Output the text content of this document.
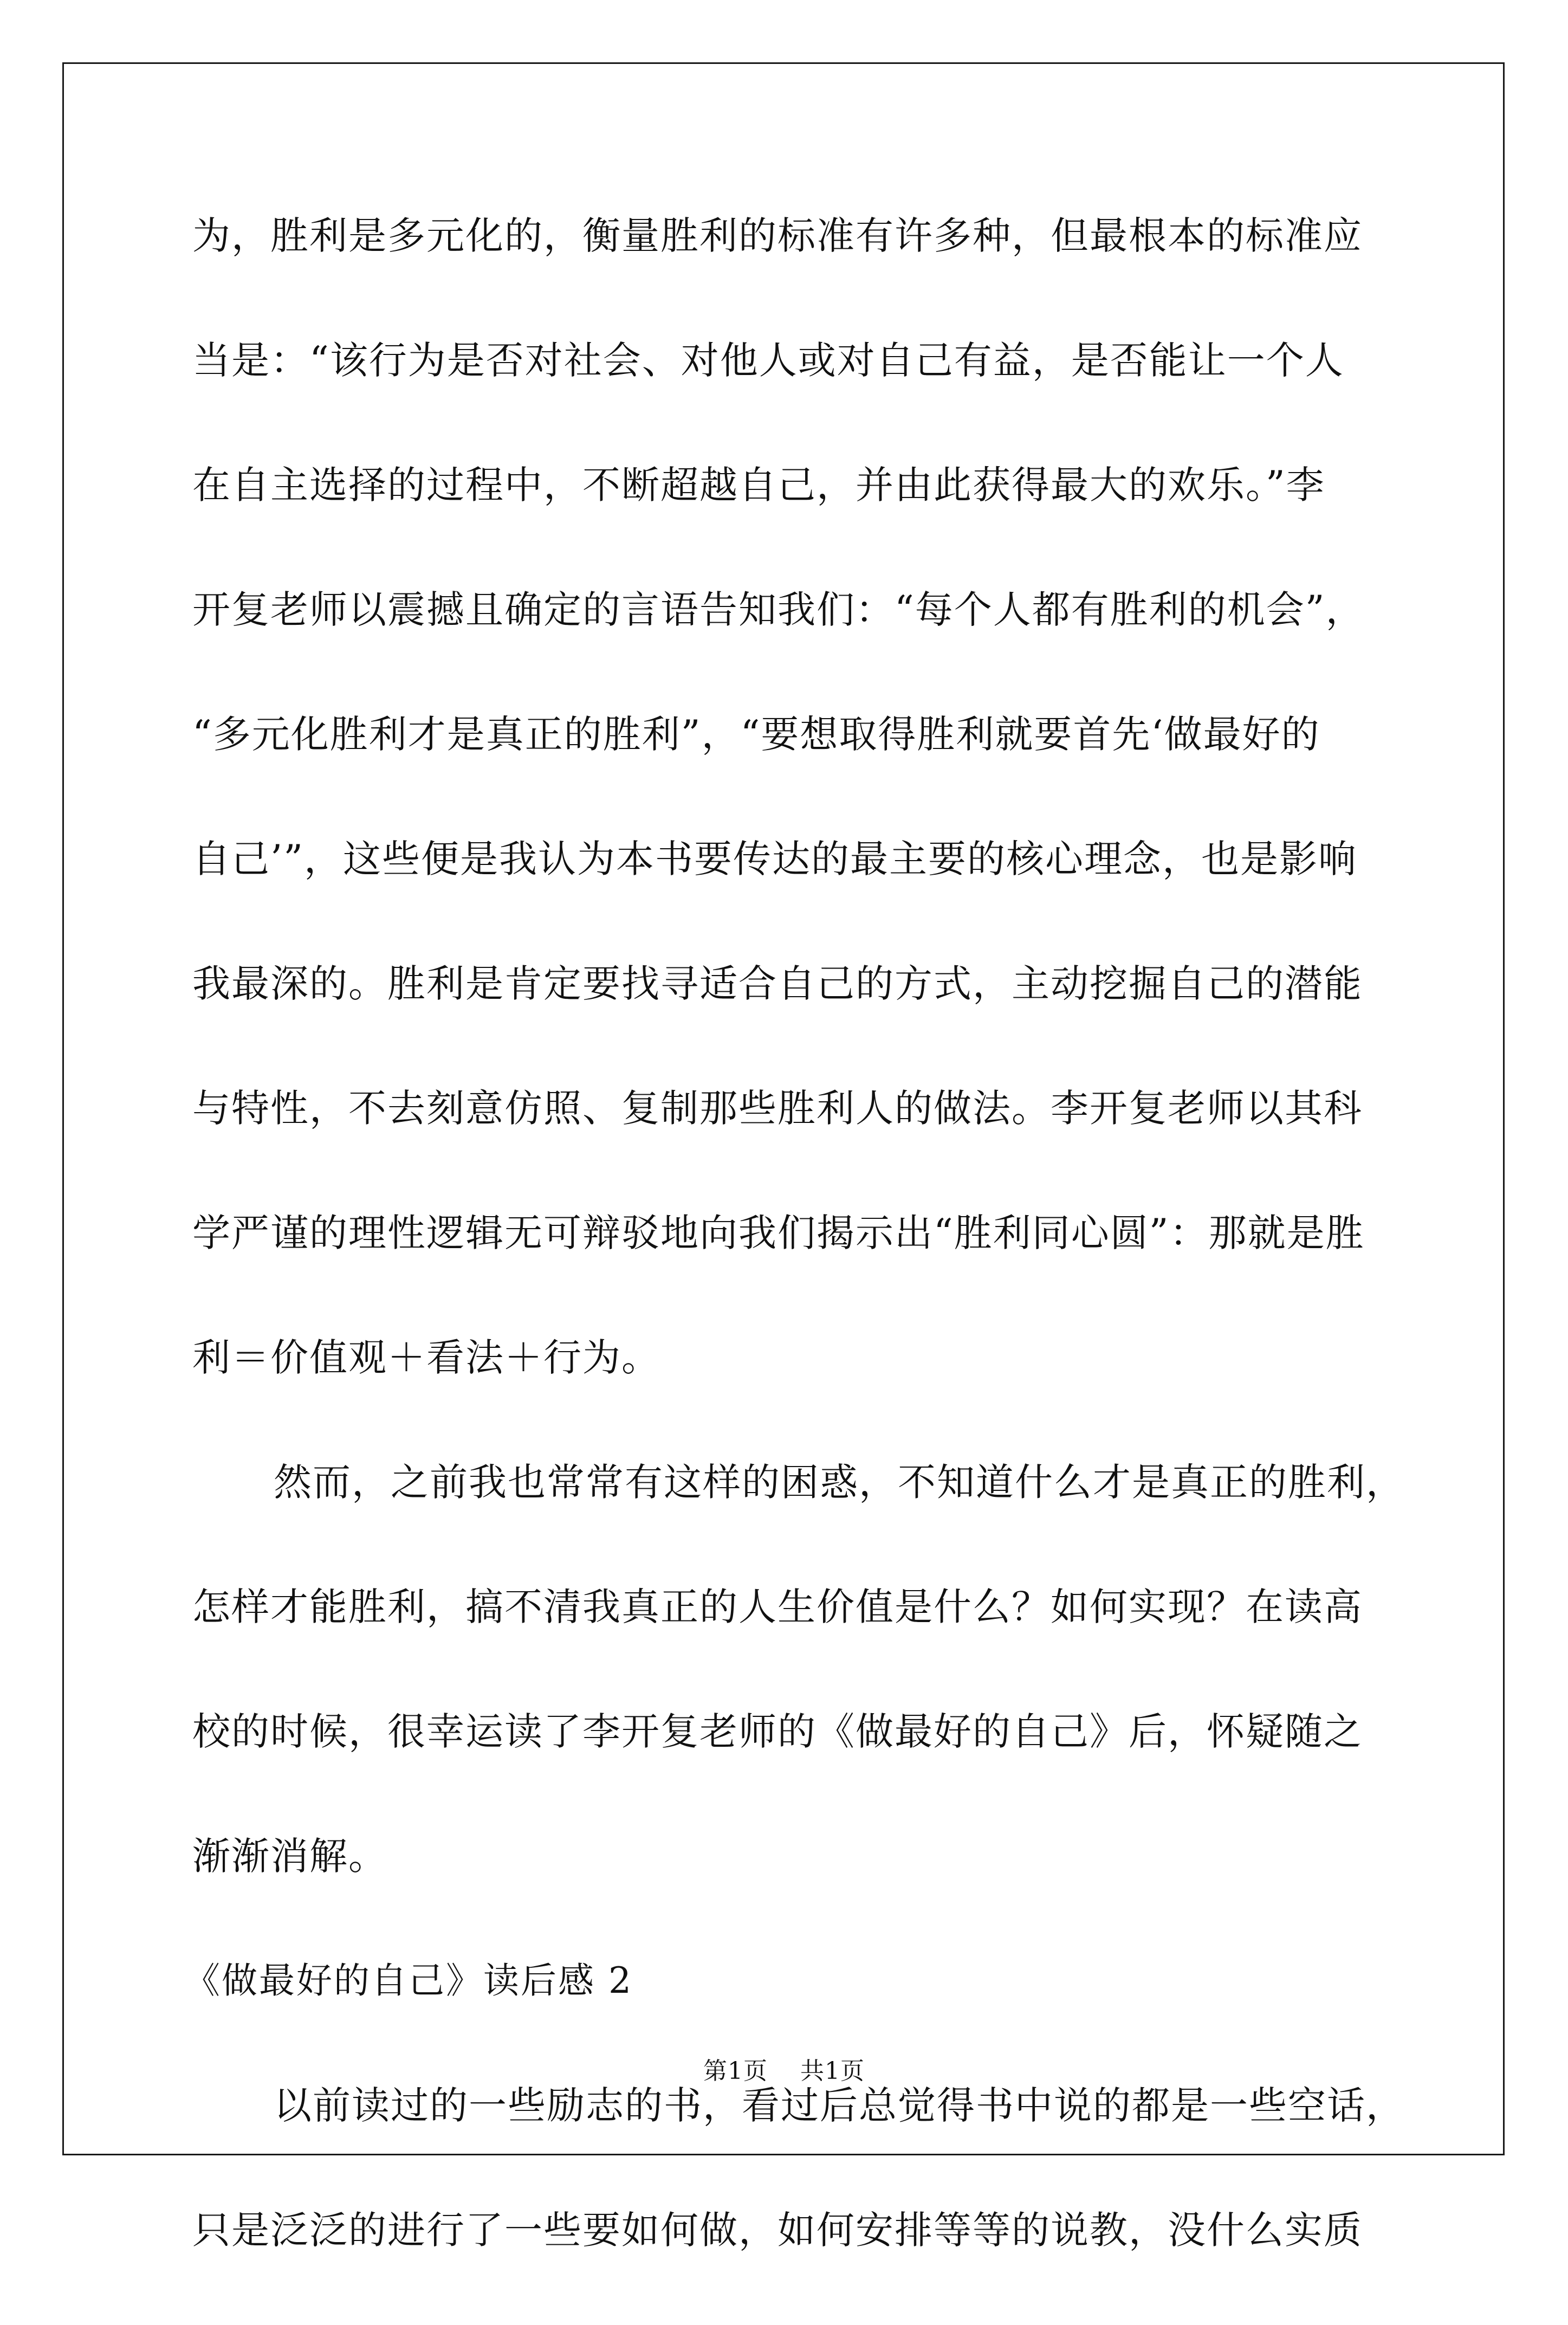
为，胜利是多元化的，衡量胜利的标准有许多种，但最根本的标准应
当是：“该行为是否对社会、对他人或对自己有益，是否能让一个人
在自主选择的过程中，不断超越自己，并由此获得最大的欢乐。”李
开复老师以震撼且确定的言语告知我们：“每个人都有胜利的机会”，
“多元化胜利才是真正的胜利”，“要想取得胜利就要首先‘做最好的
自己’”，这些便是我认为本书要传达的最主要的核心理念，也是影响
我最深的。胜利是肯定要找寻适合自己的方式，主动挖掘自己的潜能
与特性，不去刻意仿照、复制那些胜利人的做法。李开复老师以其科
学严谨的理性逻辑无可辩驳地向我们揭示出“胜利同心圆”：那就是胜
利＝价值观＋看法＋行为。
然而，之前我也常常有这样的困惑，不知道什么才是真正的胜利，
怎样才能胜利，搞不清我真正的人生价值是什么？如何实现？在读高
校的时候，很幸运读了李开复老师的《做最好的自己》后，怀疑随之
渐渐消解。
《做最好的自己》读后感 2
以前读过的一些励志的书，看过后总觉得书中说的都是一些空话，
只是泛泛的进行了一些要如何做，如何安排等等的说教，没什么实质
第1页 共1页
